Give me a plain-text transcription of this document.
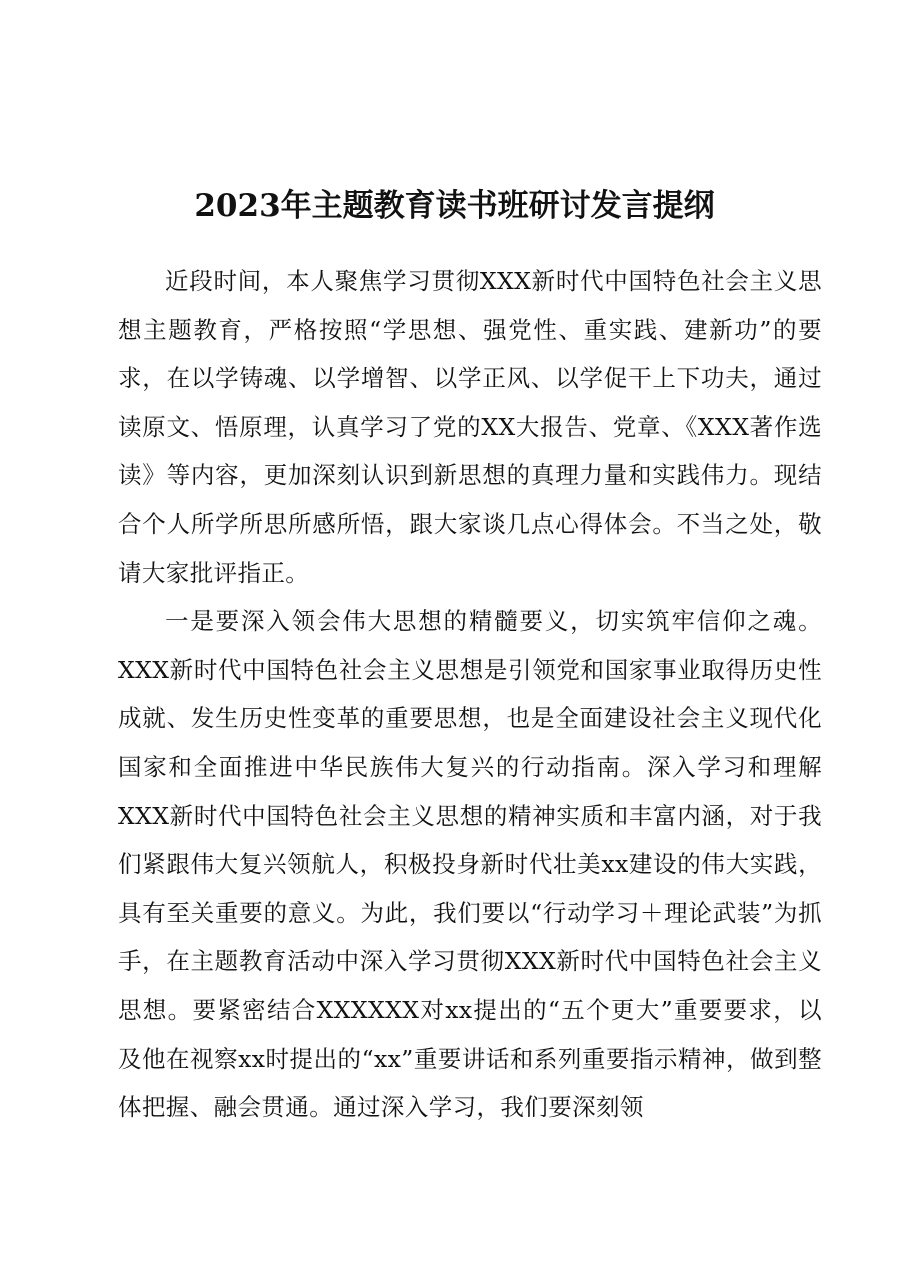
2023年主题教育读书班研讨发言提纲

近段时间，本人聚焦学习贯彻XXX新时代中国特色社会主义思想主题教育，严格按照“学思想、强党性、重实践、建新功”的要求，在以学铸魂、以学增智、以学正风、以学促干上下功夫，通过读原文、悟原理，认真学习了党的XX大报告、党章、《XXX著作选读》等内容，更加深刻认识到新思想的真理力量和实践伟力。现结合个人所学所思所感所悟，跟大家谈几点心得体会。不当之处，敬请大家批评指正。

一是要深入领会伟大思想的精髓要义，切实筑牢信仰之魂。XXX新时代中国特色社会主义思想是引领党和国家事业取得历史性成就、发生历史性变革的重要思想，也是全面建设社会主义现代化国家和全面推进中华民族伟大复兴的行动指南。深入学习和理解XXX新时代中国特色社会主义思想的精神实质和丰富内涵，对于我们紧跟伟大复兴领航人，积极投身新时代壮美xx建设的伟大实践，具有至关重要的意义。为此，我们要以“行动学习＋理论武装”为抓手，在主题教育活动中深入学习贯彻XXX新时代中国特色社会主义思想。要紧密结合XXXXXX对xx提出的“五个更大”重要要求，以及他在视察xx时提出的“xx”重要讲话和系列重要指示精神，做到整体把握、融会贯通。通过深入学习，我们要深刻领
